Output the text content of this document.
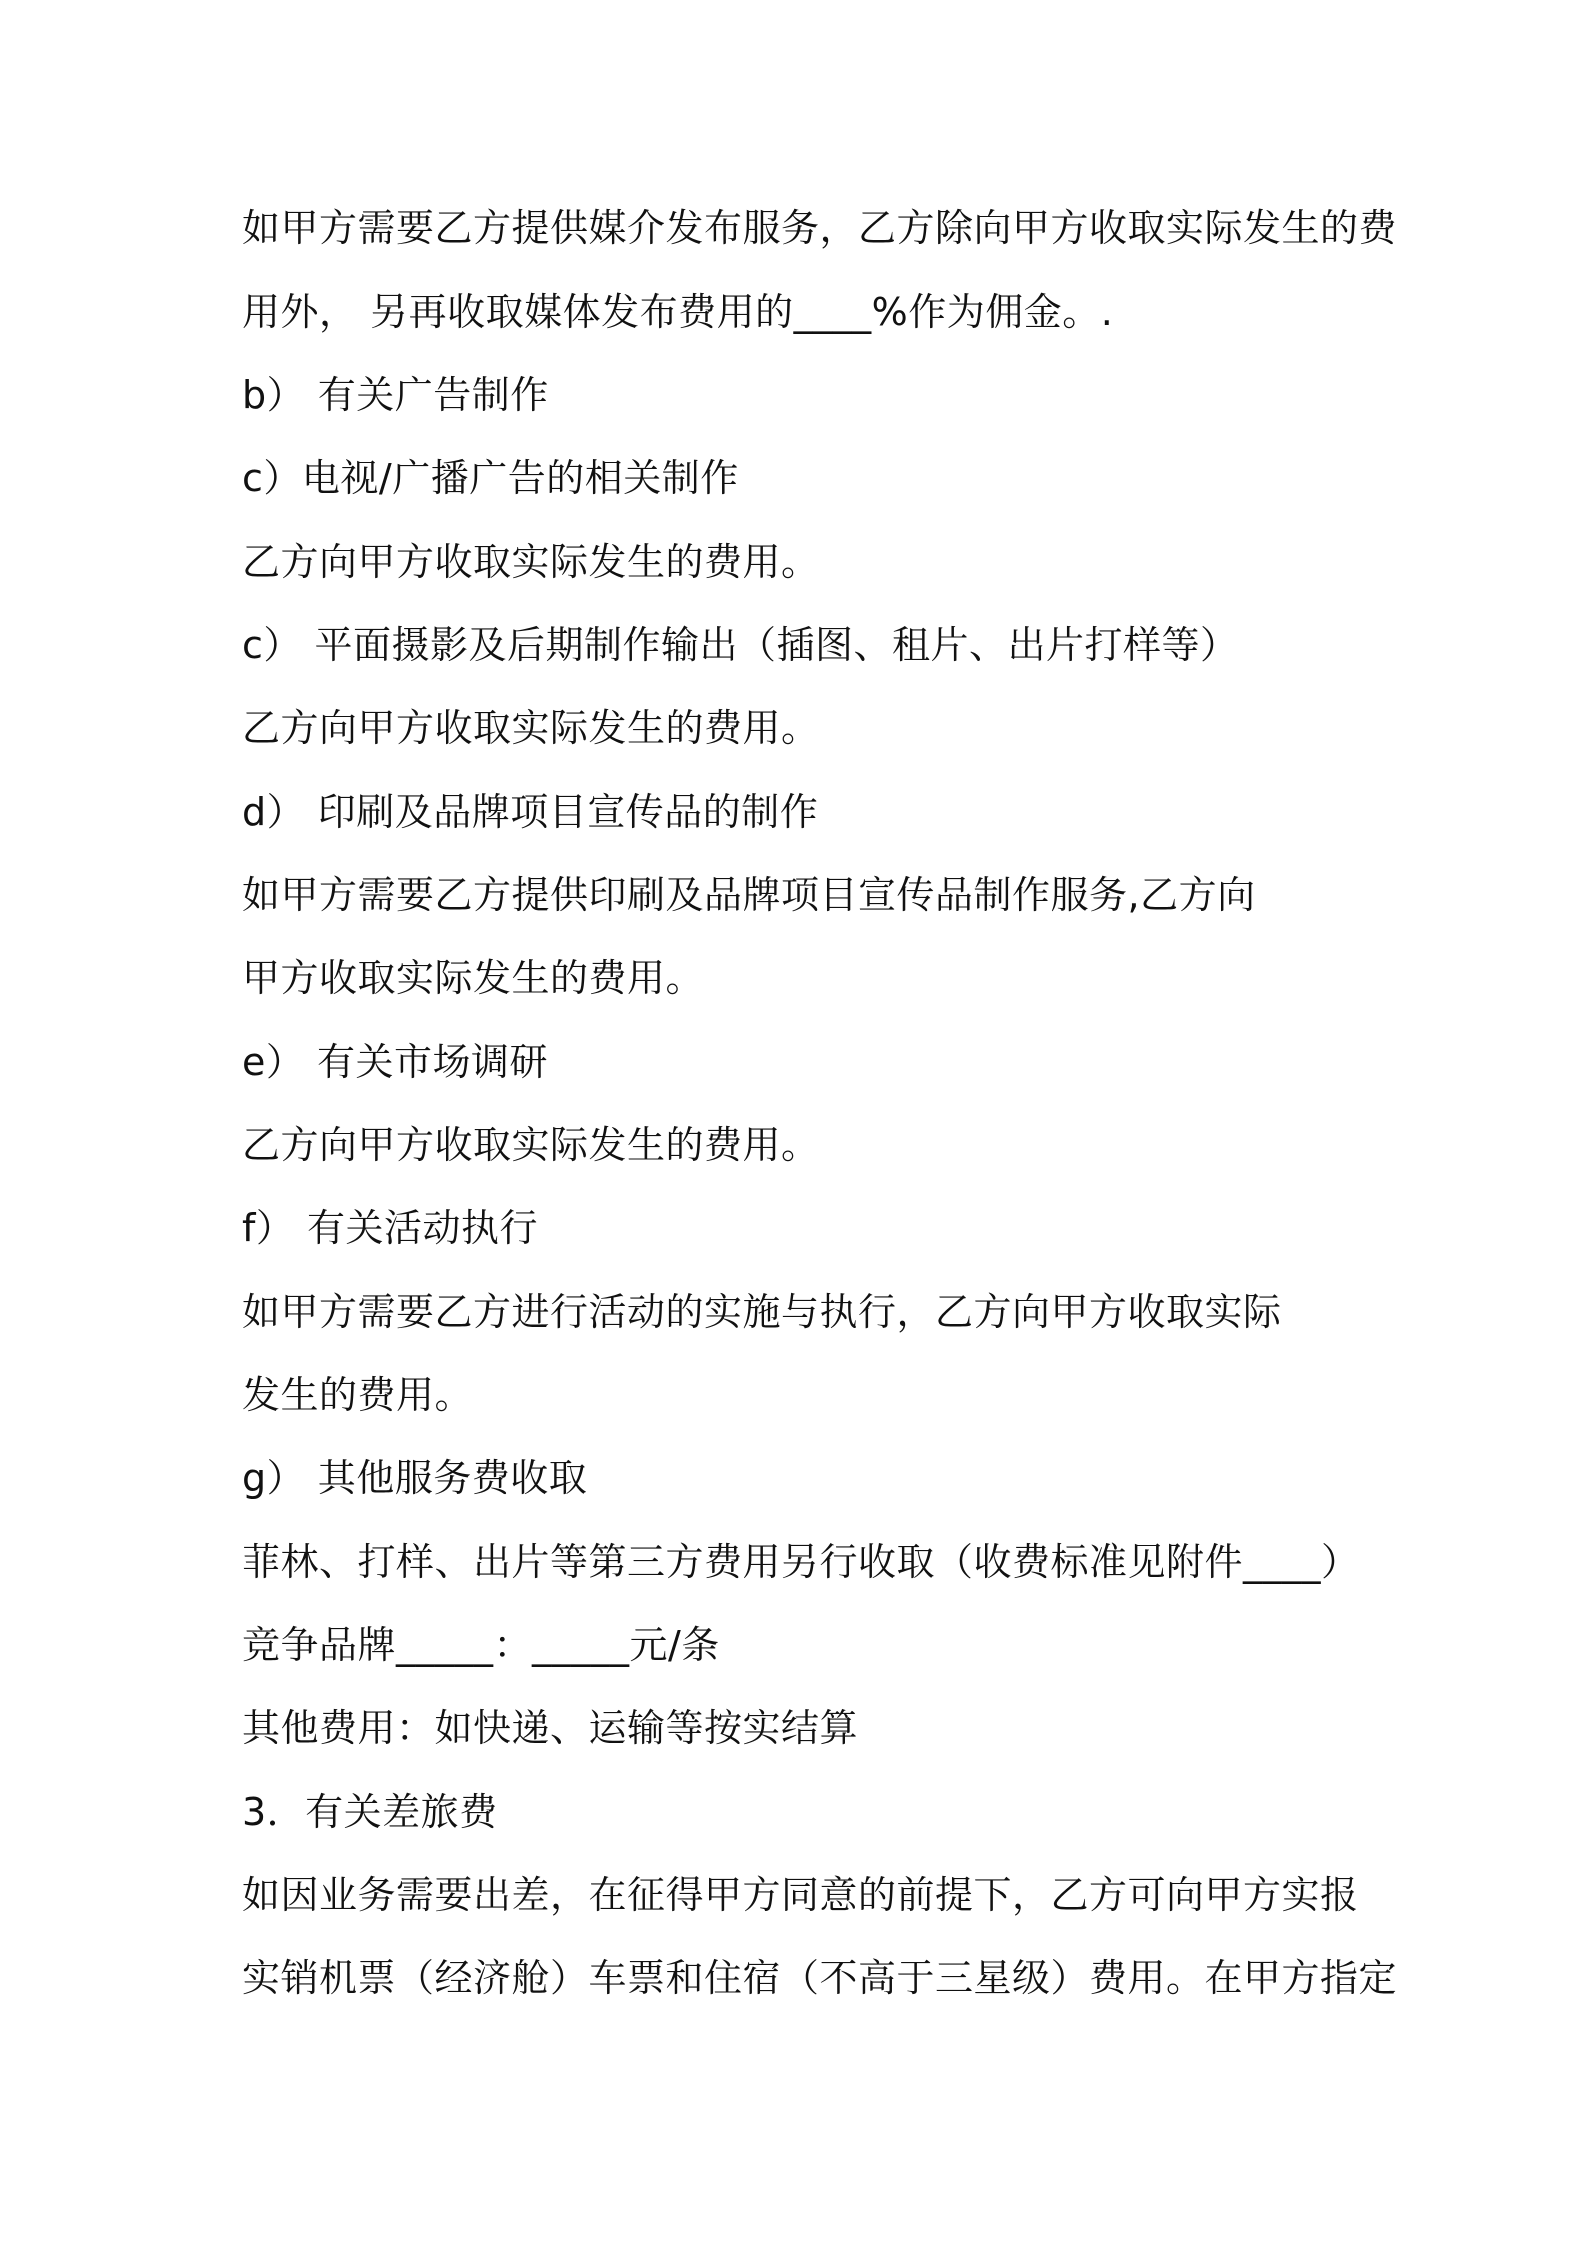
如甲方需要乙方提供媒介发布服务，乙方除向甲方收取实际发生的费
用外， 另再收取媒体发布费用的____%作为佣金。.
b） 有关广告制作
c）电视/广播广告的相关制作
乙方向甲方收取实际发生的费用。
c） 平面摄影及后期制作输出（插图、租片、出片打样等）
乙方向甲方收取实际发生的费用。
d） 印刷及品牌项目宣传品的制作
如甲方需要乙方提供印刷及品牌项目宣传品制作服务,乙方向
甲方收取实际发生的费用。
e） 有关市场调研
乙方向甲方收取实际发生的费用。
f） 有关活动执行
如甲方需要乙方进行活动的实施与执行，乙方向甲方收取实际
发生的费用。
g） 其他服务费收取
菲林、打样、出片等第三方费用另行收取（收费标准见附件____）
竞争品牌_____：_____元/条
其他费用：如快递、运输等按实结算
3．有关差旅费
如因业务需要出差，在征得甲方同意的前提下，乙方可向甲方实报
实销机票（经济舱）车票和住宿（不高于三星级）费用。在甲方指定
